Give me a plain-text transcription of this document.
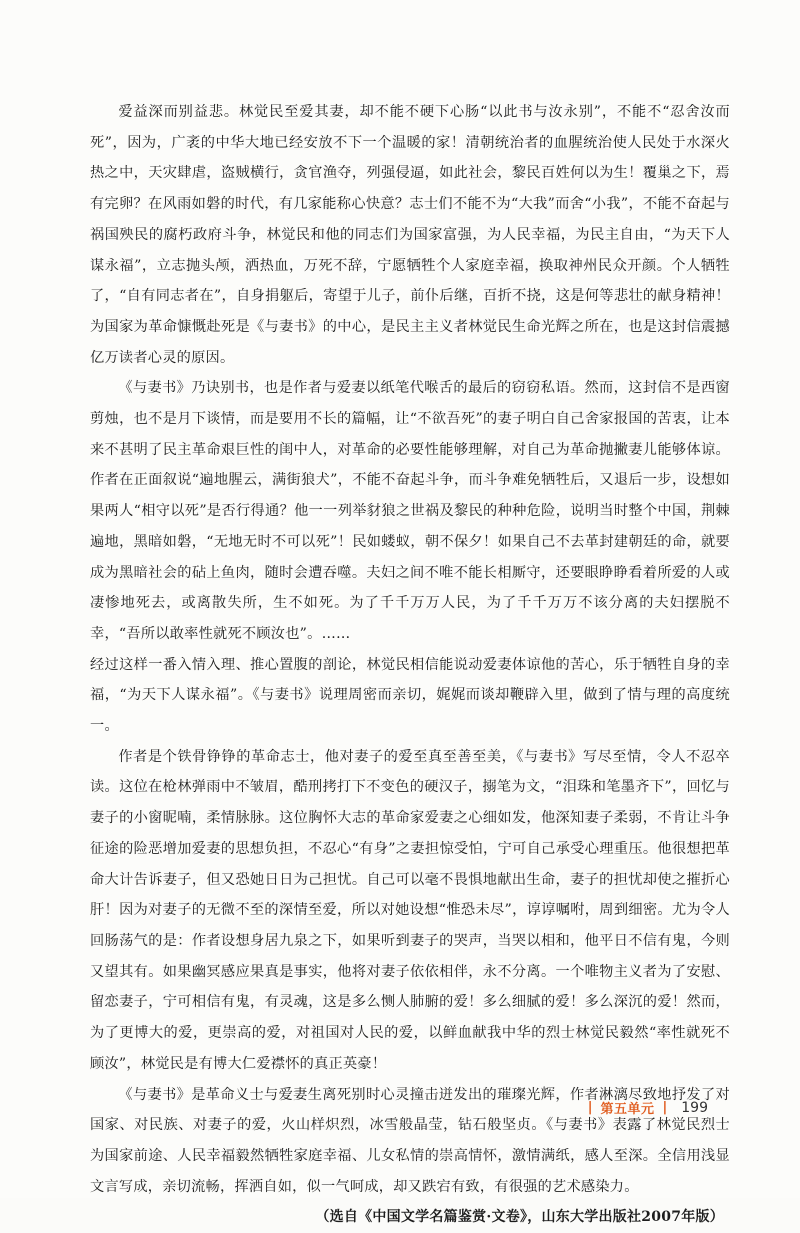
爱益深而别益悲。林觉民至爱其妻，却不能不硬下心肠“以此书与汝永别”，不能不“忍舍汝而死”，因为，广袤的中华大地已经安放不下一个温暖的家！清朝统治者的血腥统治使人民处于水深火热之中，天灾肆虐，盗贼横行，贪官渔夺，列强侵逼，如此社会，黎民百姓何以为生！覆巢之下，焉有完卵？在风雨如磐的时代，有几家能称心快意？志士们不能不为“大我”而舍“小我”，不能不奋起与祸国殃民的腐朽政府斗争，林觉民和他的同志们为国家富强，为人民幸福，为民主自由，“为天下人谋永福”，立志抛头颅，洒热血，万死不辞，宁愿牺牲个人家庭幸福，换取神州民众开颜。个人牺牲了，“自有同志者在”，自身捐躯后，寄望于儿子，前仆后继，百折不挠，这是何等悲壮的献身精神！为国家为革命慷慨赴死是《与妻书》的中心，是民主主义者林觉民生命光辉之所在，也是这封信震撼亿万读者心灵的原因。

《与妻书》乃诀别书，也是作者与爱妻以纸笔代喉舌的最后的窃窃私语。然而，这封信不是西窗剪烛，也不是月下谈情，而是要用不长的篇幅，让“不欲吾死”的妻子明白自己舍家报国的苦衷，让本来不甚明了民主革命艰巨性的闺中人，对革命的必要性能够理解，对自己为革命抛撇妻儿能够体谅。作者在正面叙说“遍地腥云，满街狼犬”，不能不奋起斗争，而斗争难免牺牲后，又退后一步，设想如果两人“相守以死”是否行得通？他一一列举豺狼之世祸及黎民的种种危险，说明当时整个中国，荆棘遍地，黑暗如磐，“无地无时不可以死”！民如蝼蚁，朝不保夕！如果自己不去革封建朝廷的命，就要成为黑暗社会的砧上鱼肉，随时会遭吞噬。夫妇之间不唯不能长相厮守，还要眼睁睁看着所爱的人或凄惨地死去，或离散失所，生不如死。为了千千万万人民，为了千千万万不该分离的夫妇摆脱不幸，“吾所以敢率性就死不顾汝也”。……

经过这样一番入情入理、推心置腹的剖论，林觉民相信能说动爱妻体谅他的苦心，乐于牺牲自身的幸福，“为天下人谋永福”。《与妻书》说理周密而亲切，娓娓而谈却鞭辟入里，做到了情与理的高度统一。

作者是个铁骨铮铮的革命志士，他对妻子的爱至真至善至美，《与妻书》写尽至情，令人不忍卒读。这位在枪林弹雨中不皱眉，酷刑拷打下不变色的硬汉子，搦笔为文，“泪珠和笔墨齐下”，回忆与妻子的小窗昵喃，柔情脉脉。这位胸怀大志的革命家爱妻之心细如发，他深知妻子柔弱，不肯让斗争征途的险恶增加爱妻的思想负担，不忍心“有身”之妻担惊受怕，宁可自己承受心理重压。他很想把革命大计告诉妻子，但又恐她日日为己担忧。自己可以毫不畏惧地献出生命，妻子的担忧却使之摧折心肝！因为对妻子的无微不至的深情至爱，所以对她设想“惟恐未尽”，谆谆嘱咐，周到细密。尤为令人回肠荡气的是：作者设想身居九泉之下，如果听到妻子的哭声，当哭以相和，他平日不信有鬼，今则又望其有。如果幽冥感应果真是事实，他将对妻子依依相伴，永不分离。一个唯物主义者为了安慰、留恋妻子，宁可相信有鬼，有灵魂，这是多么恻人肺腑的爱！多么细腻的爱！多么深沉的爱！然而，为了更博大的爱，更崇高的爱，对祖国对人民的爱，以鲜血献我中华的烈士林觉民毅然“率性就死不顾汝”，林觉民是有博大仁爱襟怀的真正英豪！

《与妻书》是革命义士与爱妻生离死别时心灵撞击迸发出的璀璨光辉，作者淋漓尽致地抒发了对国家、对民族、对妻子的爱，火山样炽烈，冰雪般晶莹，钻石般坚贞。《与妻书》表露了林觉民烈士为国家前途、人民幸福毅然牺牲家庭幸福、儿女私情的崇高情怀，激情满纸，感人至深。全信用浅显文言写成，亲切流畅，挥洒自如，似一气呵成，却又跌宕有致，有很强的艺术感染力。

（选自《中国文学名篇鉴赏·文卷》，山东大学出版社2007年版）

| 第五单元 | 199
